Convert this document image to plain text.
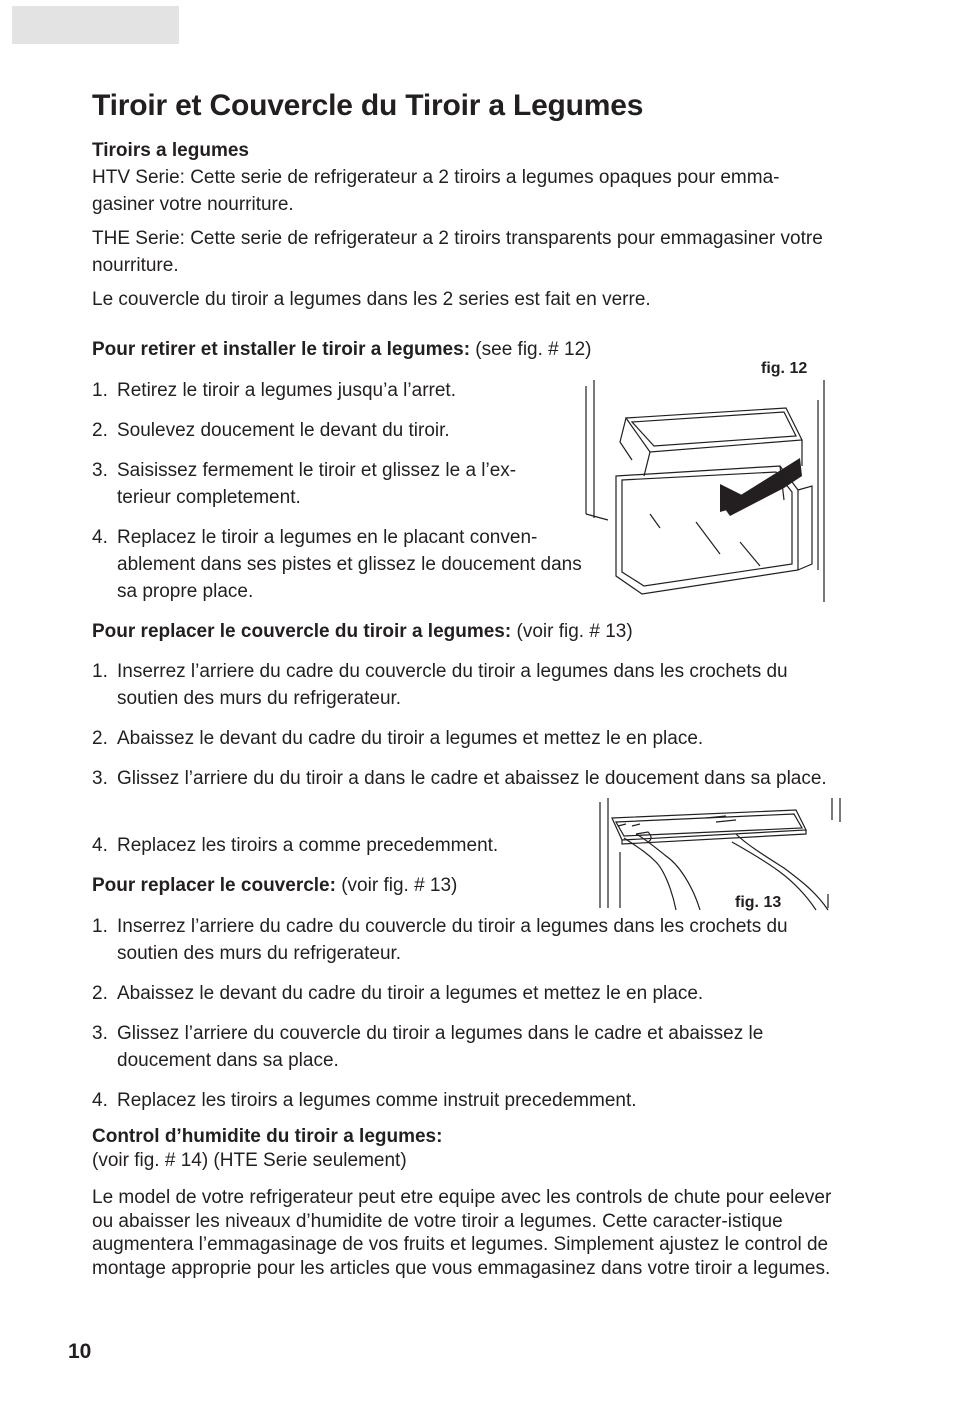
Tiroir et Couvercle du Tiroir a Legumes

Tiroirs a legumes

HTV Serie: Cette serie de refrigerateur a 2 tiroirs a legumes opaques pour emma-gasiner votre nourriture.

THE Serie: Cette serie de refrigerateur a 2 tiroirs transparents pour emmagasiner votre nourriture.

Le couvercle du tiroir a legumes dans les 2 series est fait en verre.

Pour retirer et installer le tiroir a legumes: (see fig. # 12)

1. Retirez le tiroir a legumes jusqu’a l’arret.
2. Soulevez doucement le devant du tiroir.
3. Saisissez fermement le tiroir et glissez le a l’ex-terieur completement.
4. Replacez le tiroir a legumes en le placant conven-ablement dans ses pistes et glissez le doucement dans sa propre place.
fig. 12

Pour replacer le couvercle du tiroir a legumes: (voir fig. # 13)

1. Inserrez l’arriere du cadre du couvercle du tiroir a legumes dans les crochets du soutien des murs du refrigerateur.
2. Abaissez le devant du cadre du tiroir a legumes et mettez le en place.
3. Glissez l’arriere du du tiroir a dans le cadre et abaissez le doucement dans sa place.
4. Replacez les tiroirs a comme precedemment.
fig. 13

Pour replacer le couvercle: (voir fig. # 13)

1. Inserrez l’arriere du cadre du couvercle du tiroir a legumes dans les crochets du soutien des murs du refrigerateur.
2. Abaissez le devant du cadre du tiroir a legumes et mettez le en place.
3. Glissez l’arriere du couvercle du tiroir a legumes dans le cadre et abaissez le doucement dans sa place.
4. Replacez les tiroirs a legumes comme instruit precedemment.
Control d’humidite du tiroir a legumes:
(voir fig. # 14) (HTE Serie seulement)
Le model de votre refrigerateur peut etre equipe avec les controls de chute pour eelever ou abaisser les niveaux d’humidite de votre tiroir a legumes. Cette caracter-istique augmentera l’emmagasinage de vos fruits et legumes. Simplement ajustez le control de montage approprie pour les articles que vous emmagasinez dans votre tiroir a legumes.
10
